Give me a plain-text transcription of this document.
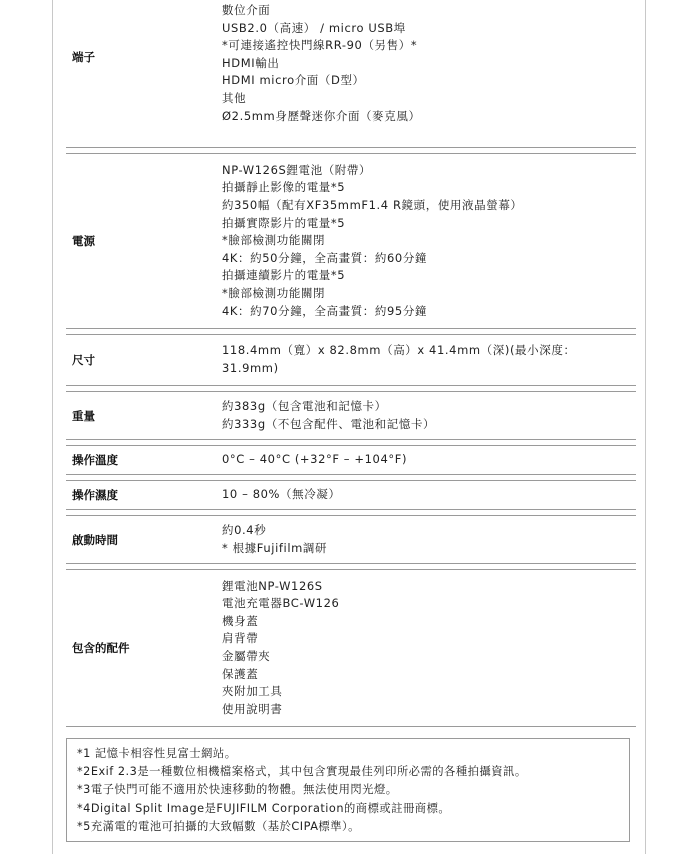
端子
數位介面
USB2.0（高速） / micro USB埠
*可連接遙控快門線RR-90（另售）*
HDMI輸出
HDMI micro介面（D型）
其他
Ø2.5mm身歷聲迷你介面（麥克風）
電源
NP-W126S鋰電池（附帶）
拍攝靜止影像的電量*5
約350幅（配有XF35mmF1.4 R鏡頭，使用液晶螢幕）
拍攝實際影片的電量*5
*臉部檢測功能關閉
4K：約50分鐘，全高畫質：約60分鐘
拍攝連續影片的電量*5
*臉部檢測功能關閉
4K：約70分鐘，全高畫質：約95分鐘
尺寸
118.4mm（寬）x 82.8mm（高）x 41.4mm（深)(最小深度：31.9mm)
重量
約383g（包含電池和記憶卡）
約333g（不包含配件、電池和記憶卡）
操作溫度	0°C – 40°C (+32°F – +104°F)
操作濕度	10 – 80%（無冷凝）
啟動時間
約0.4秒
* 根據Fujifilm調研
包含的配件
鋰電池NP-W126S
電池充電器BC-W126
機身蓋
肩背帶
金屬帶夾
保護蓋
夾附加工具
使用說明書
*1 記憶卡相容性見富士網站。
*2Exif 2.3是一種數位相機檔案格式，其中包含實現最佳列印所必需的各種拍攝資訊。
*3電子快門可能不適用於快速移動的物體。無法使用閃光燈。
*4Digital Split Image是FUJIFILM Corporation的商標或註冊商標。
*5充滿電的電池可拍攝的大致幅數（基於CIPA標準）。
